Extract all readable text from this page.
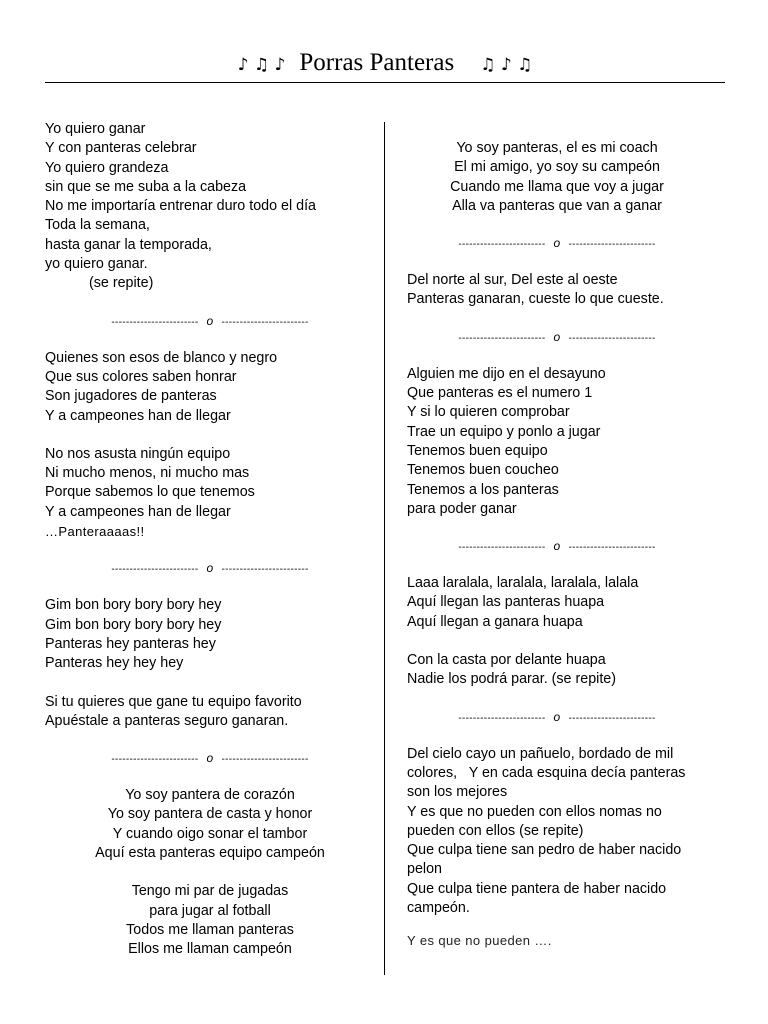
♪ ♫ ♪ Porras Panteras ♫ ♪ ♫
Yo quiero ganar
Y con panteras celebrar
Yo quiero grandeza
sin que se me suba a la cabeza
No me importaría entrenar duro todo el día
Toda la semana,
hasta ganar la temporada,
yo quiero ganar.
(se repite)
------------------------ o ------------------------
Quienes son esos de blanco y negro
Que sus colores saben honrar
Son jugadores de panteras
Y a campeones han de llegar
No nos asusta ningún equipo
Ni mucho menos, ni mucho mas
Porque sabemos lo que tenemos
Y a campeones han de llegar
…Panteraaaas!!
------------------------ o ------------------------
Gim bon bory bory bory hey
Gim bon bory bory bory hey
Panteras hey panteras hey
Panteras hey hey hey
Si tu quieres que gane tu equipo favorito
Apuéstale a panteras seguro ganaran.
------------------------ o ------------------------
Yo soy pantera de corazón
Yo soy pantera de casta y honor
Y cuando oigo sonar el tambor
Aquí esta panteras equipo campeón
Tengo mi par de jugadas
para jugar al fotball
Todos me llaman panteras
Ellos me llaman campeón
Yo soy panteras, el es mi coach
El mi amigo, yo soy su campeón
Cuando me llama que voy a jugar
Alla va panteras que van a ganar
------------------------ o ------------------------
Del norte al sur, Del este al oeste
Panteras ganaran, cueste lo que cueste.
------------------------ o ------------------------
Alguien me dijo en el desayuno
Que panteras es el numero 1
Y si lo quieren comprobar
Trae un equipo y ponlo a jugar
Tenemos buen equipo
Tenemos buen coucheo
Tenemos a los panteras
para poder ganar
------------------------ o ------------------------
Laaa laralala, laralala, laralala, lalala
Aquí llegan las panteras huapa
Aquí llegan a ganara huapa
Con la casta por delante huapa
Nadie los podrá parar. (se repite)
------------------------ o ------------------------
Del cielo cayo un pañuelo, bordado de mil
colores,   Y en cada esquina decía panteras
son los mejores
Y es que no pueden con ellos nomas no
pueden con ellos (se repite)
Que culpa tiene san pedro de haber nacido
pelon
Que culpa tiene pantera de haber nacido
campeón.
Y es que no pueden ….
